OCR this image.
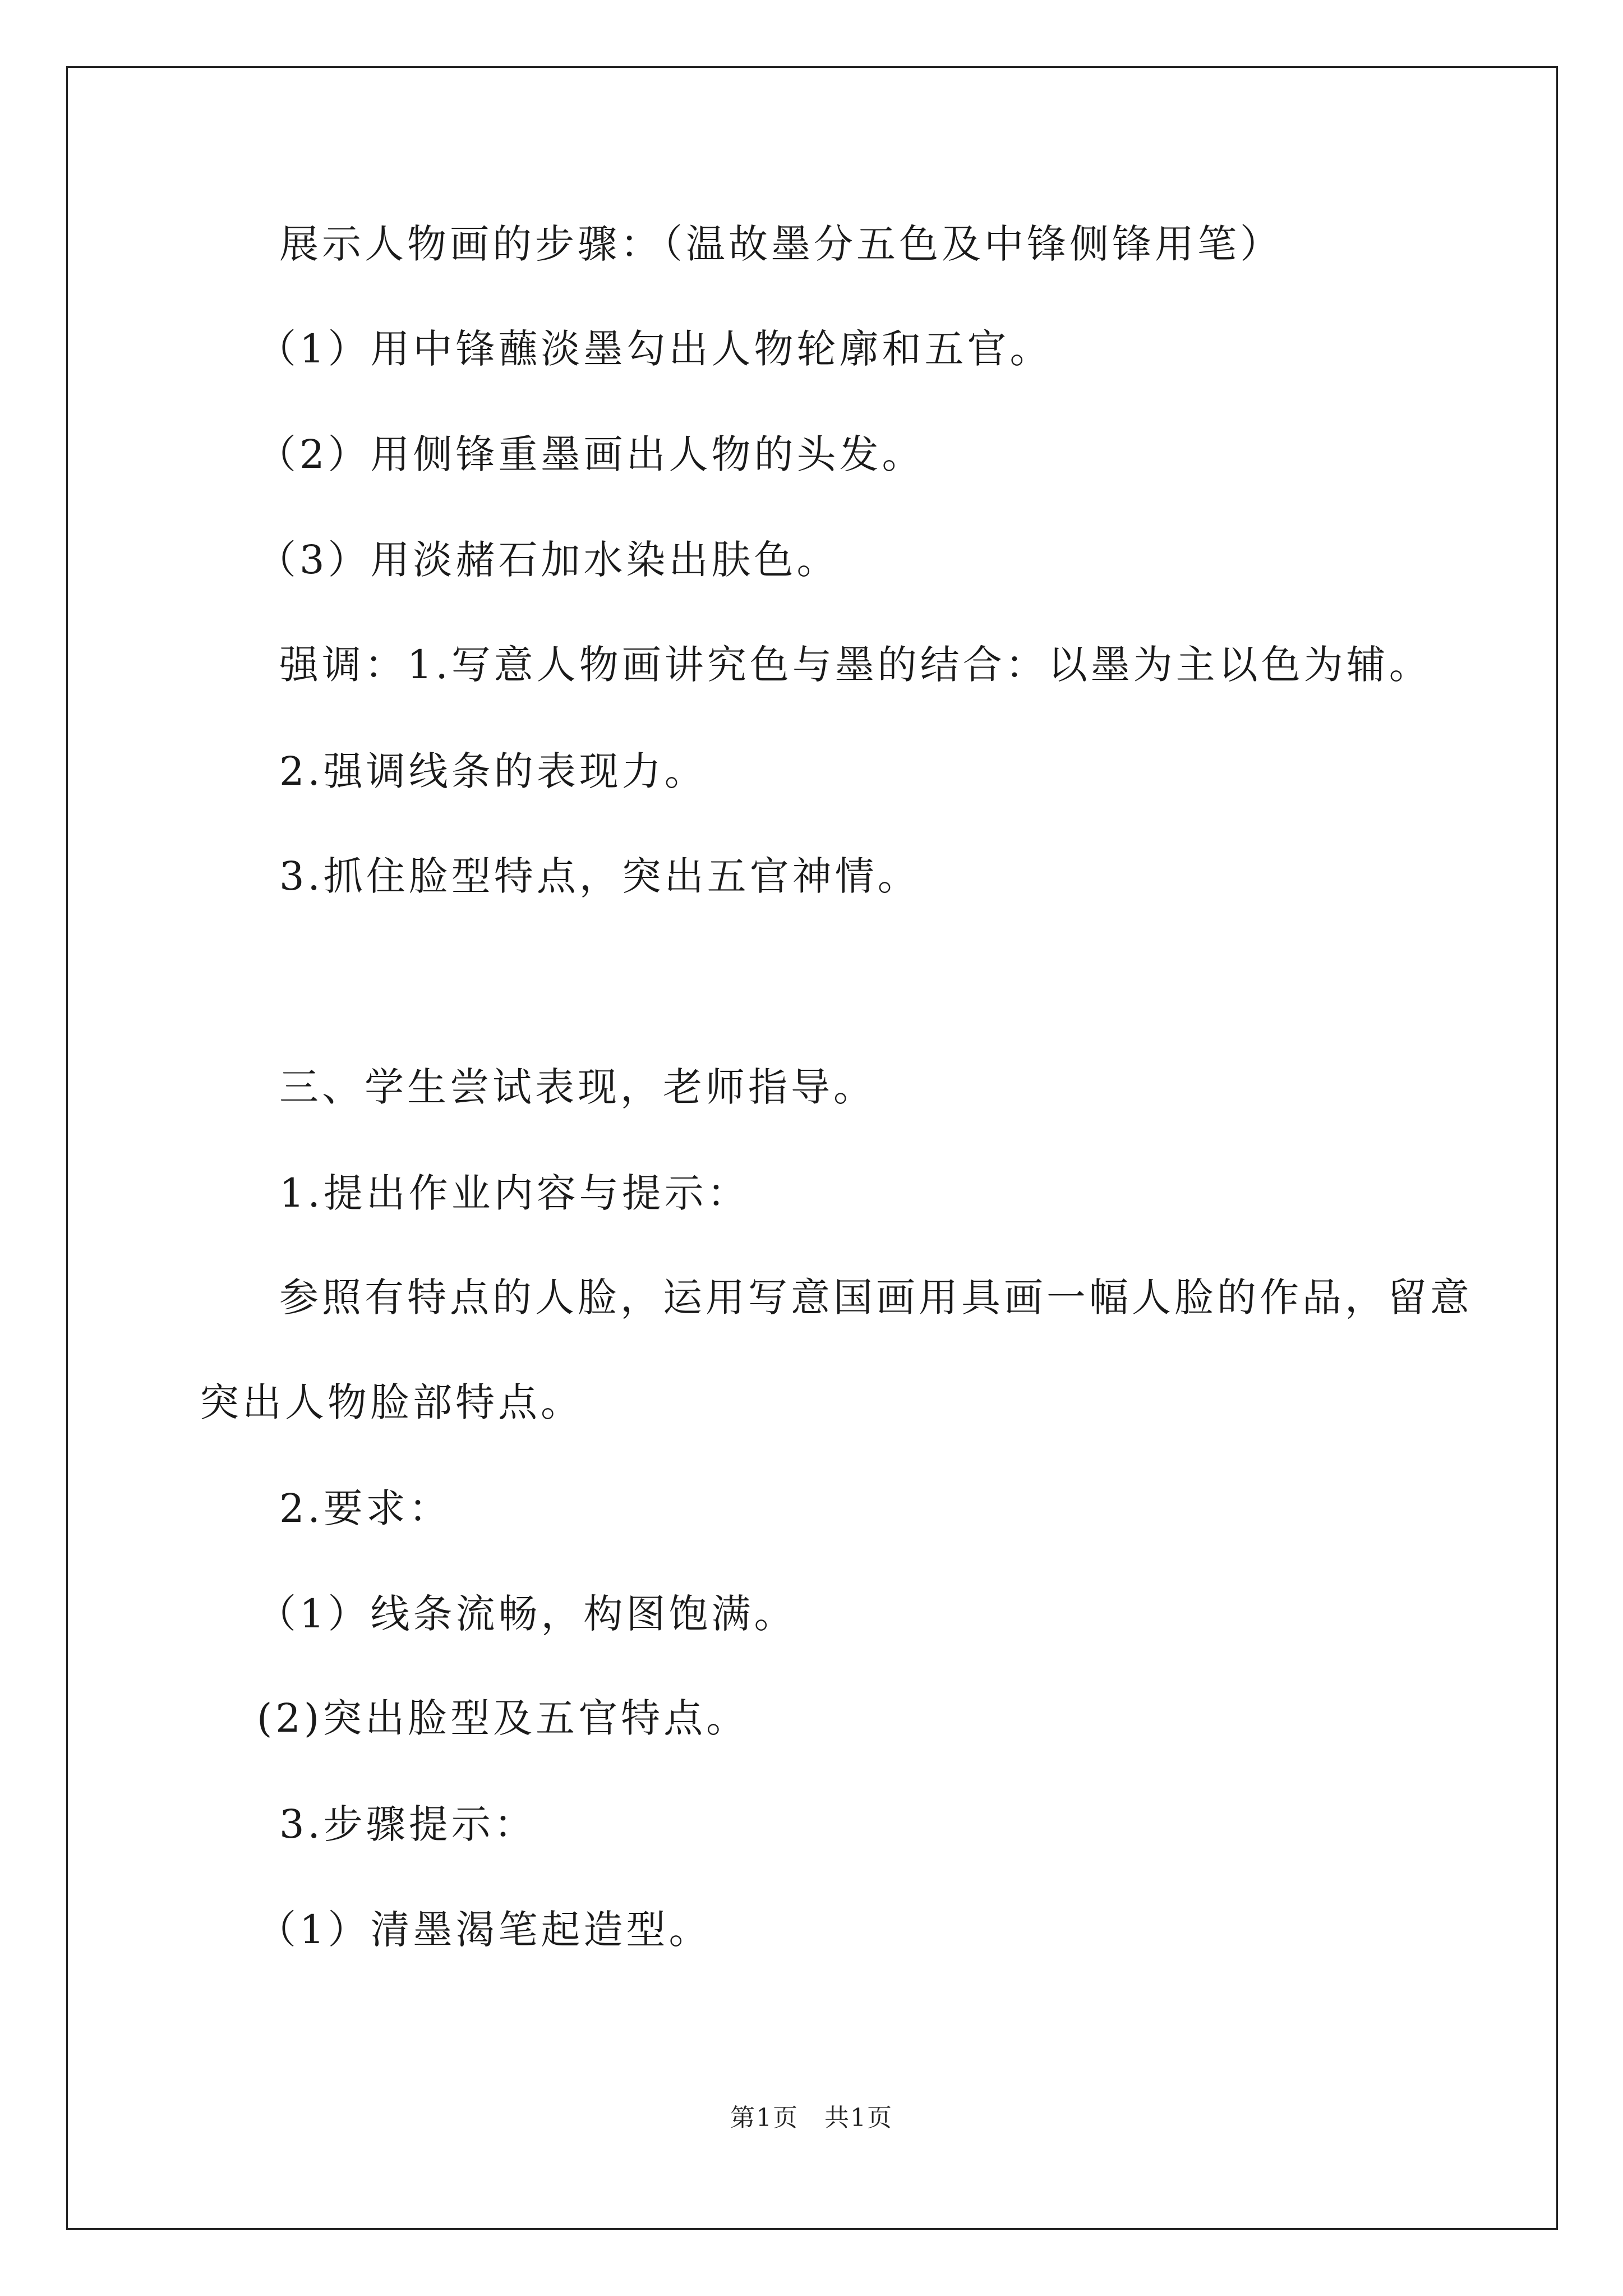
展示人物画的步骤：（温故墨分五色及中锋侧锋用笔）
（1）用中锋蘸淡墨勾出人物轮廓和五官。
（2）用侧锋重墨画出人物的头发。
（3）用淡赭石加水染出肤色。
强调：1.写意人物画讲究色与墨的结合：以墨为主以色为辅。
2.强调线条的表现力。
3.抓住脸型特点，突出五官神情。
三、学生尝试表现，老师指导。
1.提出作业内容与提示：
参照有特点的人脸，运用写意国画用具画一幅人脸的作品，留意
突出人物脸部特点。
2.要求：
（1）线条流畅，构图饱满。
(2)突出脸型及五官特点。
3.步骤提示：
（1）清墨渴笔起造型。
第1页　共1页
